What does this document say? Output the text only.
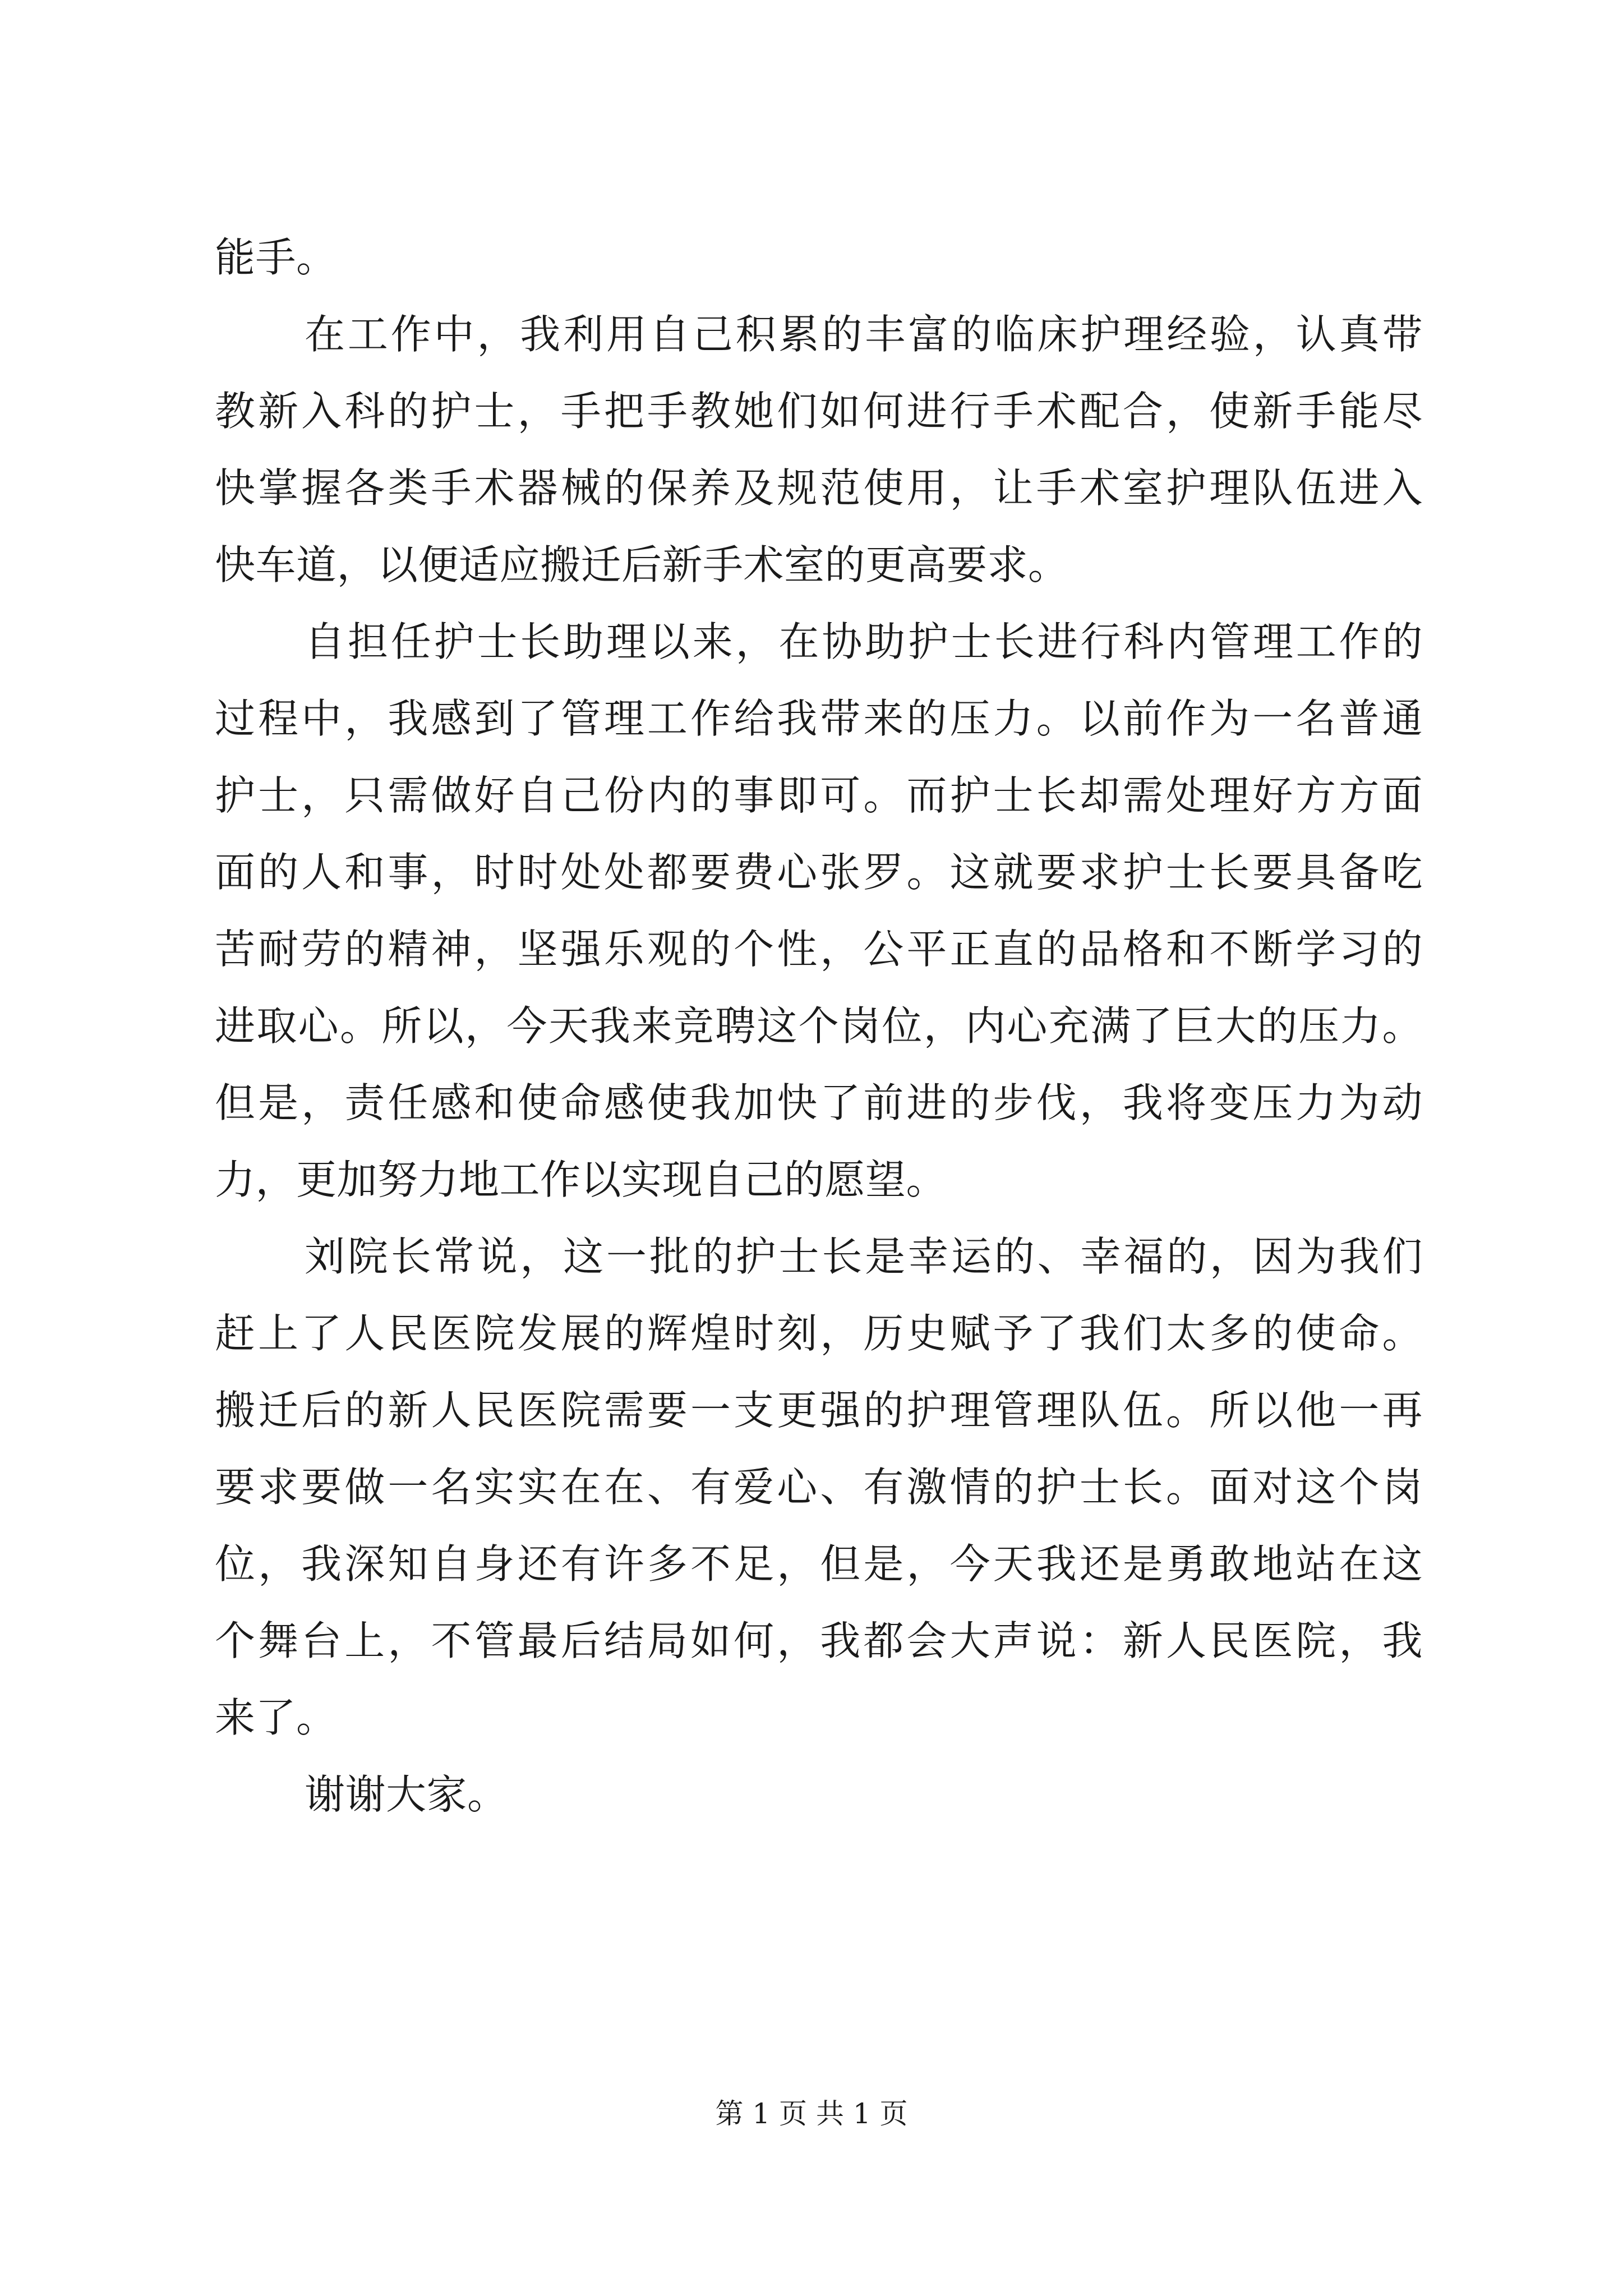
能手。
在工作中，我利用自己积累的丰富的临床护理经验，认真带
教新入科的护士，手把手教她们如何进行手术配合，使新手能尽
快掌握各类手术器械的保养及规范使用，让手术室护理队伍进入
快车道，以便适应搬迁后新手术室的更高要求。
自担任护士长助理以来，在协助护士长进行科内管理工作的
过程中，我感到了管理工作给我带来的压力。以前作为一名普通
护士，只需做好自己份内的事即可。而护士长却需处理好方方面
面的人和事，时时处处都要费心张罗。这就要求护士长要具备吃
苦耐劳的精神，坚强乐观的个性，公平正直的品格和不断学习的
进取心。所以，今天我来竞聘这个岗位，内心充满了巨大的压力。
但是，责任感和使命感使我加快了前进的步伐，我将变压力为动
力，更加努力地工作以实现自己的愿望。
刘院长常说，这一批的护士长是幸运的、幸福的，因为我们
赶上了人民医院发展的辉煌时刻，历史赋予了我们太多的使命。
搬迁后的新人民医院需要一支更强的护理管理队伍。所以他一再
要求要做一名实实在在、有爱心、有激情的护士长。面对这个岗
位，我深知自身还有许多不足，但是，今天我还是勇敢地站在这
个舞台上，不管最后结局如何，我都会大声说：新人民医院，我
来了。
谢谢大家。
第 1 页 共 1 页
